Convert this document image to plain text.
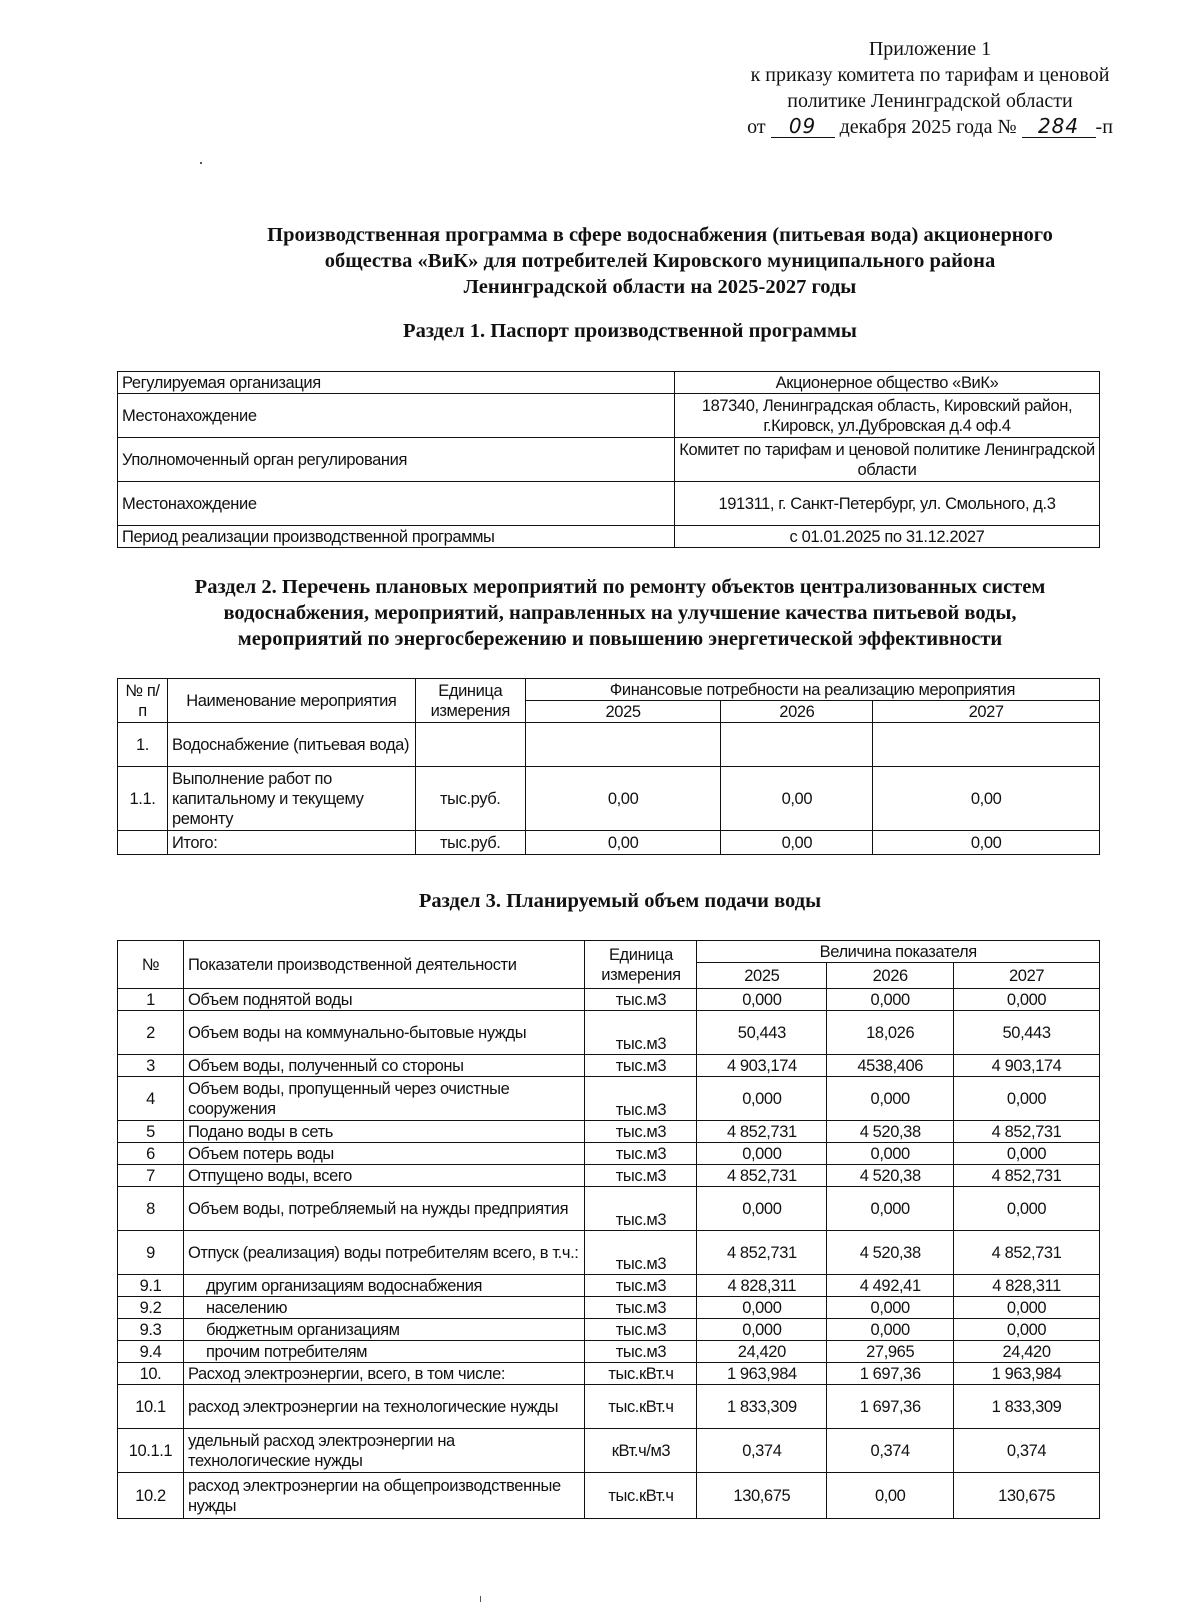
Приложение 1
к приказу комитета по тарифам и ценовой
политике Ленинградской области
от 09 декабря 2025 года № 284 -п
Производственная программа в сфере водоснабжения (питьевая вода) акционерного
общества «ВиК» для потребителей Кировского муниципального района
Ленинградской области на 2025-2027 годы
Раздел 1. Паспорт производственной программы
Регулируемая организация	Акционерное общество «ВиК»
Местонахождение	187340, Ленинградская область, Кировский район, г.Кировск, ул.Дубровская д.4 оф.4
Уполномоченный орган регулирования	Комитет по тарифам и ценовой политике Ленинградской области
Местонахождение	191311, г. Санкт-Петербург, ул. Смольного, д.3
Период реализации производственной программы	с 01.01.2025 по 31.12.2027
Раздел 2. Перечень плановых мероприятий по ремонту объектов централизованных систем
водоснабжения, мероприятий, направленных на улучшение качества питьевой воды,
мероприятий по энергосбережению и повышению энергетической эффективности
№ п/п	Наименование мероприятия	Единица измерения	Финансовые потребности на реализацию мероприятия		
			2025	2026	2027
1.	Водоснабжение (питьевая вода)				
1.1.	Выполнение работ по капитальному и текущему ремонту	тыс.руб.	0,00	0,00	0,00
	Итого:	тыс.руб.	0,00	0,00	0,00
Раздел 3. Планируемый объем подачи воды
№	Показатели производственной деятельности	Единица измерения	Величина показателя		
			2025	2026	2027
1	Объем поднятой воды	тыс.м3	0,000	0,000	0,000
2	Объем воды на коммунально-бытовые нужды	тыс.м3	50,443	18,026	50,443
3	Объем воды, полученный со стороны	тыс.м3	4 903,174	4538,406	4 903,174
4	Объем воды, пропущенный через очистные сооружения	тыс.м3	0,000	0,000	0,000
5	Подано воды в сеть	тыс.м3	4 852,731	4 520,38	4 852,731
6	Объем потерь воды	тыс.м3	0,000	0,000	0,000
7	Отпущено воды, всего	тыс.м3	4 852,731	4 520,38	4 852,731
8	Объем воды, потребляемый на нужды предприятия	тыс.м3	0,000	0,000	0,000
9	Отпуск (реализация) воды потребителям всего, в т.ч.:	тыс.м3	4 852,731	4 520,38	4 852,731
9.1	другим организациям водоснабжения	тыс.м3	4 828,311	4 492,41	4 828,311
9.2	населению	тыс.м3	0,000	0,000	0,000
9.3	бюджетным организациям	тыс.м3	0,000	0,000	0,000
9.4	прочим потребителям	тыс.м3	24,420	27,965	24,420
10.	Расход электроэнергии, всего, в том числе:	тыс.кВт.ч	1 963,984	1 697,36	1 963,984
10.1	расход электроэнергии на технологические нужды	тыс.кВт.ч	1 833,309	1 697,36	1 833,309
10.1.1	удельный расход электроэнергии на технологические нужды	кВт.ч/м3	0,374	0,374	0,374
10.2	расход электроэнергии на общепроизводственные нужды	тыс.кВт.ч	130,675	0,00	130,675
